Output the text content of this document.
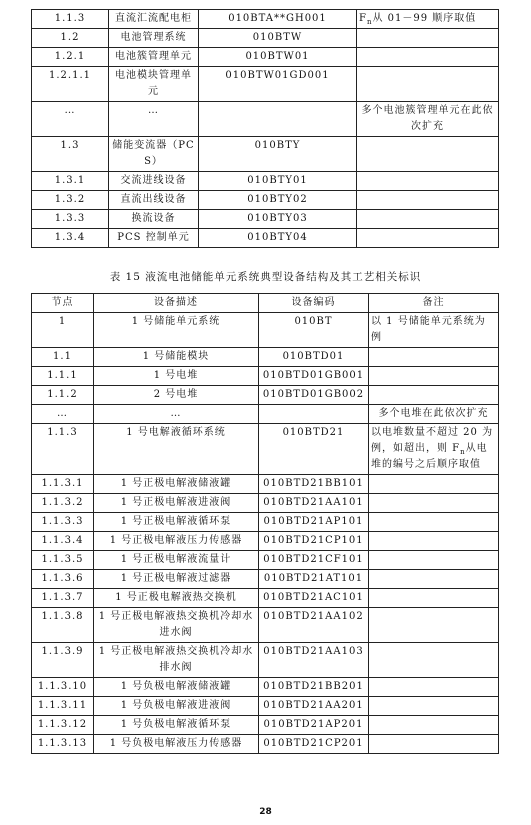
1.1.3	直流汇流配电柜	010BTA**GH001	$F_n$从 01－99 顺序取值
1.2	电池管理系统	010BTW	
1.2.1	电池簇管理单元	010BTW01	
1.2.1.1	电池模块管理单元	010BTW01GD001	
…	…		多个电池簇管理单元在此依次扩充
1.3	储能变流器（PCS）	010BTY	
1.3.1	交流进线设备	010BTY01	
1.3.2	直流出线设备	010BTY02	
1.3.3	换流设备	010BTY03	
1.3.4	PCS 控制单元	010BTY04	
表 15 液流电池储能单元系统典型设备结构及其工艺相关标识
节点	设备描述	设备编码	备注
1	1 号储能单元系统	010BT	以 1 号储能单元系统为例
1.1	1 号储能模块	010BTD01	
1.1.1	1 号电堆	010BTD01GB001	
1.1.2	2 号电堆	010BTD01GB002	
…	…		多个电堆在此依次扩充
1.1.3	1 号电解液循环系统	010BTD21	以电堆数量不超过 20 为例，如超出，则 $F_n$从电堆的编号之后顺序取值
1.1.3.1	1 号正极电解液储液罐	010BTD21BB101	
1.1.3.2	1 号正极电解液进液阀	010BTD21AA101	
1.1.3.3	1 号正极电解液循环泵	010BTD21AP101	
1.1.3.4	1 号正极电解液压力传感器	010BTD21CP101	
1.1.3.5	1 号正极电解液流量计	010BTD21CF101	
1.1.3.6	1 号正极电解液过滤器	010BTD21AT101	
1.1.3.7	1 号正极电解液热交换机	010BTD21AC101	
1.1.3.8	1 号正极电解液热交换机冷却水进水阀	010BTD21AA102	
1.1.3.9	1 号正极电解液热交换机冷却水排水阀	010BTD21AA103	
1.1.3.10	1 号负极电解液储液罐	010BTD21BB201	
1.1.3.11	1 号负极电解液进液阀	010BTD21AA201	
1.1.3.12	1 号负极电解液循环泵	010BTD21AP201	
1.1.3.13	1 号负极电解液压力传感器	010BTD21CP201	
28
